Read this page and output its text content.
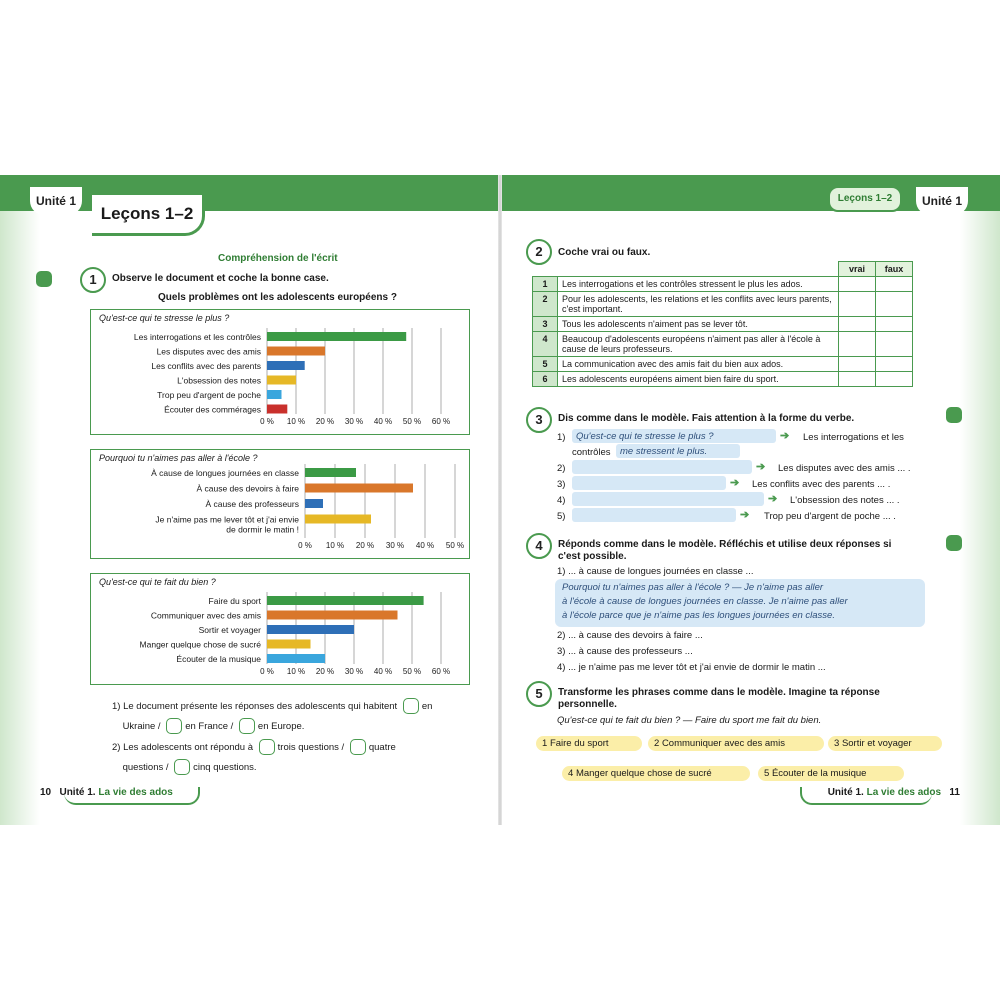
Unité 1
Leçons 1–2
Leçons 1–2	Unité 1
Compréhension de l'écrit
1	Observe le document et coche la bonne case.
Quels problèmes ont les adolescents européens ?
Qu'est-ce qui te stresse le plus ?
0 % 10 % 20 % 30 % 40 % 50 % 60 %
Les interrogations et les contrôles
Les disputes avec des amis
Les conflits avec des parents
L'obsession des notes
Trop peu d'argent de poche
Écouter des commérages
Pourquoi tu n'aimes pas aller à l'école ?
0 % 10 % 20 % 30 % 40 % 50 %
À cause de longues journées en classe
À cause des devoirs à faire
À cause des professeurs
Je n'aime pas me lever tôt et j'ai envie
de dormir le matin !
Qu'est-ce qui te fait du bien ?
0 % 10 % 20 % 30 % 40 % 50 % 60 %
Faire du sport
Communiquer avec des amis
Sortir et voyager
Manger quelque chose de sucré
Écouter de la musique
1) Le document présente les réponses des adolescents qui habitent	en
Ukraine /	en France /	en Europe.
2) Les adolescents ont répondu à	trois questions /	quatre
questions /	cinq questions.
10 Unité 1. La vie des ados
2	Coche vrai ou faux.
		vrai	faux
1	Les interrogations et les contrôles stressent le plus les ados.		
2	Pour les adolescents, les relations et les conflits avec leurs parents, c'est important.		
3	Tous les adolescents n'aiment pas se lever tôt.		
4	Beaucoup d'adolescents européens n'aiment pas aller à l'école à cause de leurs professeurs.		
5	La communication avec des amis fait du bien aux ados.		
6	Les adolescents européens aiment bien faire du sport.		
3	Dis comme dans le modèle. Fais attention à la forme du verbe.
1) Qu'est-ce qui te stresse le plus ?	➔ Les interrogations et les
contrôles me stressent le plus.
2)	➔ Les disputes avec des amis ... .
3)	➔ Les conflits avec des parents ... .
4)	➔ L'obsession des notes ... .
5)	➔ Trop peu d'argent de poche ... .
4	Réponds comme dans le modèle. Réfléchis et utilise deux réponses si c'est possible.
1) ... à cause de longues journées en classe ...
Pourquoi tu n'aimes pas aller à l'école ? — Je n'aime pas aller
à l'école à cause de longues journées en classe. Je n'aime pas aller
à l'école parce que je n'aime pas les longues journées en classe.
2) ... à cause des devoirs à faire ...
3) ... à cause des professeurs ...
4) ... je n'aime pas me lever tôt et j'ai envie de dormir le matin ...
5	Transforme les phrases comme dans le modèle. Imagine ta réponse personnelle.
Qu'est-ce qui te fait du bien ? — Faire du sport me fait du bien.
1 Faire du sport	2 Communiquer avec des amis	3 Sortir et voyager
4 Manger quelque chose de sucré	5 Écouter de la musique
Unité 1. La vie des ados 11
